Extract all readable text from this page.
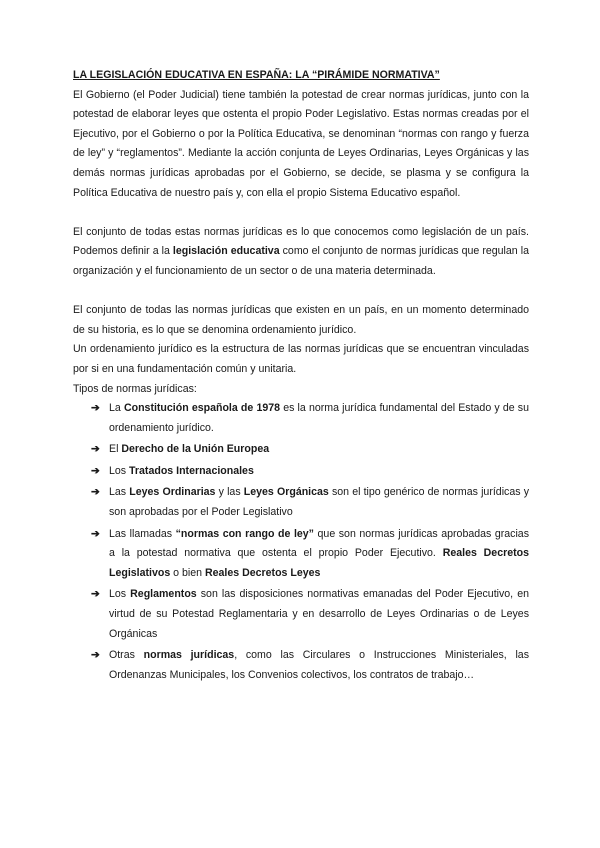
LA LEGISLACIÓN EDUCATIVA EN ESPAÑA: LA “PIRÁMIDE NORMATIVA”

El Gobierno (el Poder Judicial) tiene también la potestad de crear normas jurídicas, junto con la potestad de elaborar leyes que ostenta el propio Poder Legislativo. Estas normas creadas por el Ejecutivo, por el Gobierno o por la Política Educativa, se denominan “normas con rango y fuerza de ley” y “reglamentos”. Mediante la acción conjunta de Leyes Ordinarias, Leyes Orgánicas y las demás normas jurídicas aprobadas por el Gobierno, se decide, se plasma y se configura la Política Educativa de nuestro país y, con ella el propio Sistema Educativo español.

El conjunto de todas estas normas jurídicas es lo que conocemos como legislación de un país. Podemos definir a la legislación educativa como el conjunto de normas jurídicas que regulan la organización y el funcionamiento de un sector o de una materia determinada.

El conjunto de todas las normas jurídicas que existen en un país, en un momento determinado de su historia, es lo que se denomina ordenamiento jurídico.

Un ordenamiento jurídico es la estructura de las normas jurídicas que se encuentran vinculadas por si en una fundamentación común y unitaria.

Tipos de normas jurídicas:

➔ La Constitución española de 1978 es la norma jurídica fundamental del Estado y de su ordenamiento jurídico.
➔ El Derecho de la Unión Europea
➔ Los Tratados Internacionales
➔ Las Leyes Ordinarias y las Leyes Orgánicas son el tipo genérico de normas jurídicas y son aprobadas por el Poder Legislativo
➔ Las llamadas “normas con rango de ley” que son normas jurídicas aprobadas gracias a la potestad normativa que ostenta el propio Poder Ejecutivo. Reales Decretos Legislativos o bien Reales Decretos Leyes
➔ Los Reglamentos son las disposiciones normativas emanadas del Poder Ejecutivo, en virtud de su Potestad Reglamentaria y en desarrollo de Leyes Ordinarias o de Leyes Orgánicas
➔ Otras normas jurídicas, como las Circulares o Instrucciones Ministeriales, las Ordenanzas Municipales, los Convenios colectivos, los contratos de trabajo…
